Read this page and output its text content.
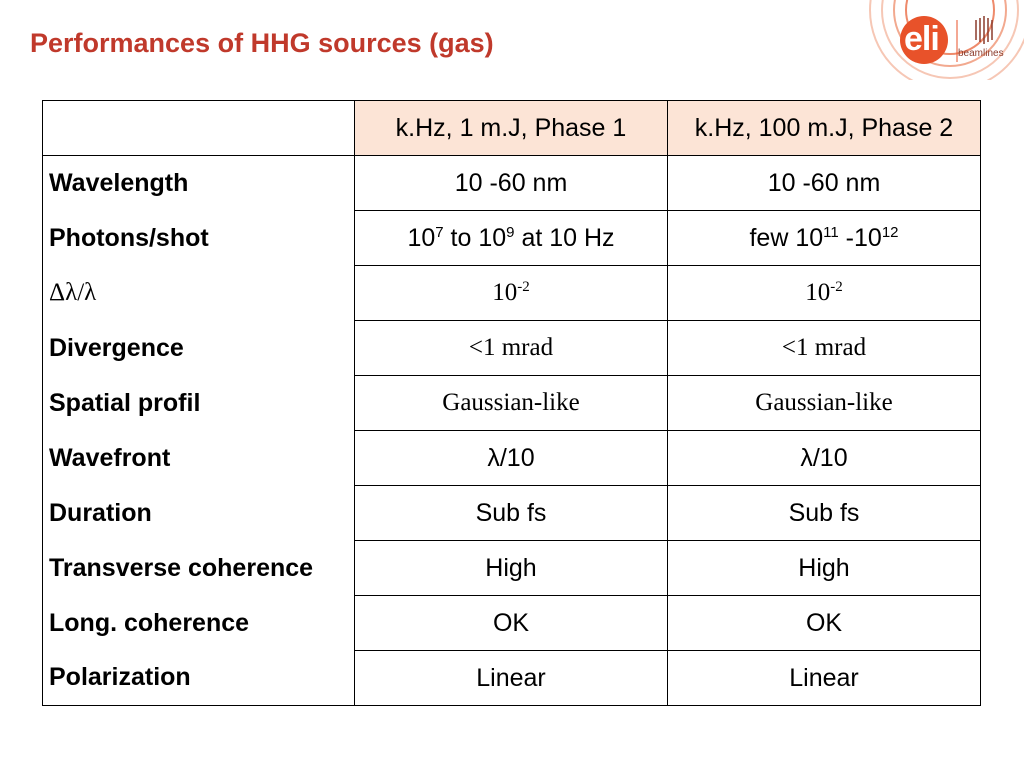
Performances of HHG sources (gas)	eli beamlines
	k.Hz, 1 m.J, Phase 1	k.Hz, 100 m.J, Phase 2
Wavelength	10 -60 nm	10 -60 nm
Photons/shot	$10^7$ to $10^9$ at 10 Hz	few $10^{11}$ $-10^{12}$
Δλ/λ	$10^{-2}$	$10^{-2}$
Divergence	<1 mrad	<1 mrad
Spatial profil	Gaussian-like	Gaussian-like
Wavefront	λ/10	λ/10
Duration	Sub fs	Sub fs
Transverse coherence	High	High
Long. coherence	OK	OK
Polarization	Linear	Linear
